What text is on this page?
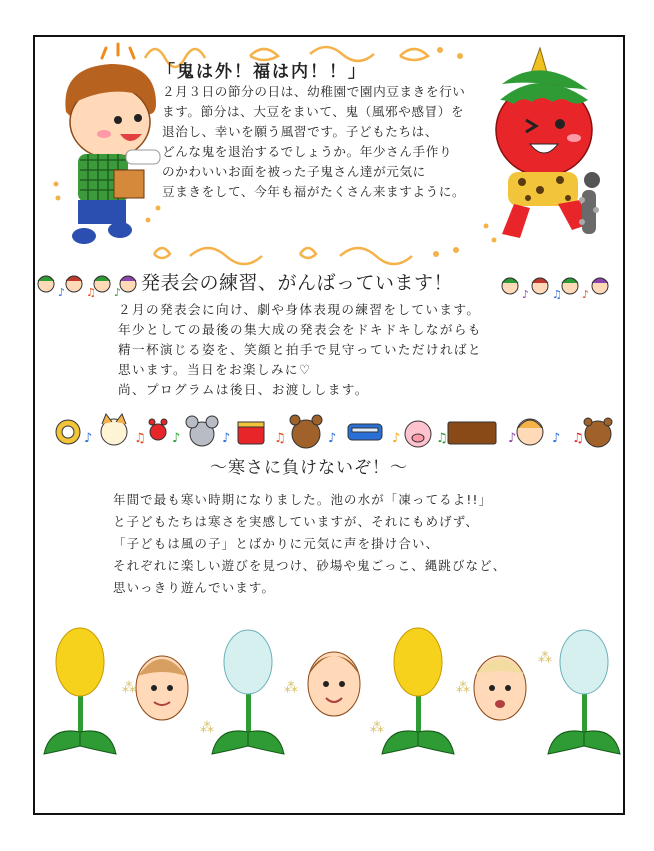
「鬼は外！福は内！！」
２月３日の節分の日は、幼稚園で園内豆まきを行い
ます。節分は、大豆をまいて、鬼（風邪や感冒）を
退治し、幸いを願う風習です。子どもたちは、
どんな鬼を退治するでしょうか。年少さん手作り
のかわいいお面を被った子鬼さん達が元気に
豆まきをして、今年も福がたくさん来ますように。
♪ ♫ ♪ 発表会の練習、がんばっています！
♪ ♫ ♪
２月の発表会に向け、劇や身体表現の練習をしています。
年少としての最後の集大成の発表会をドキドキしながらも
精一杯演じる姿を、笑顔と拍手で見守っていただければと
思います。当日をお楽しみに♡
尚、プログラムは後日、お渡しします。
♪	♫ ♪	♪	♫	♪	♪	♫	♪	♪ ♫
～寒さに負けないぞ！～
年間で最も寒い時期になりました。池の水が「凍ってるよ!!」
と子どもたちは寒さを実感していますが、それにもめげず、
「子どもは風の子」とばかりに元気に声を掛け合い、
それぞれに楽しい遊びを見つけ、砂場や鬼ごっこ、縄跳びなど、
思いっきり遊んでいます。
⁂
⁂
⁂
⁂
⁂
⁂
